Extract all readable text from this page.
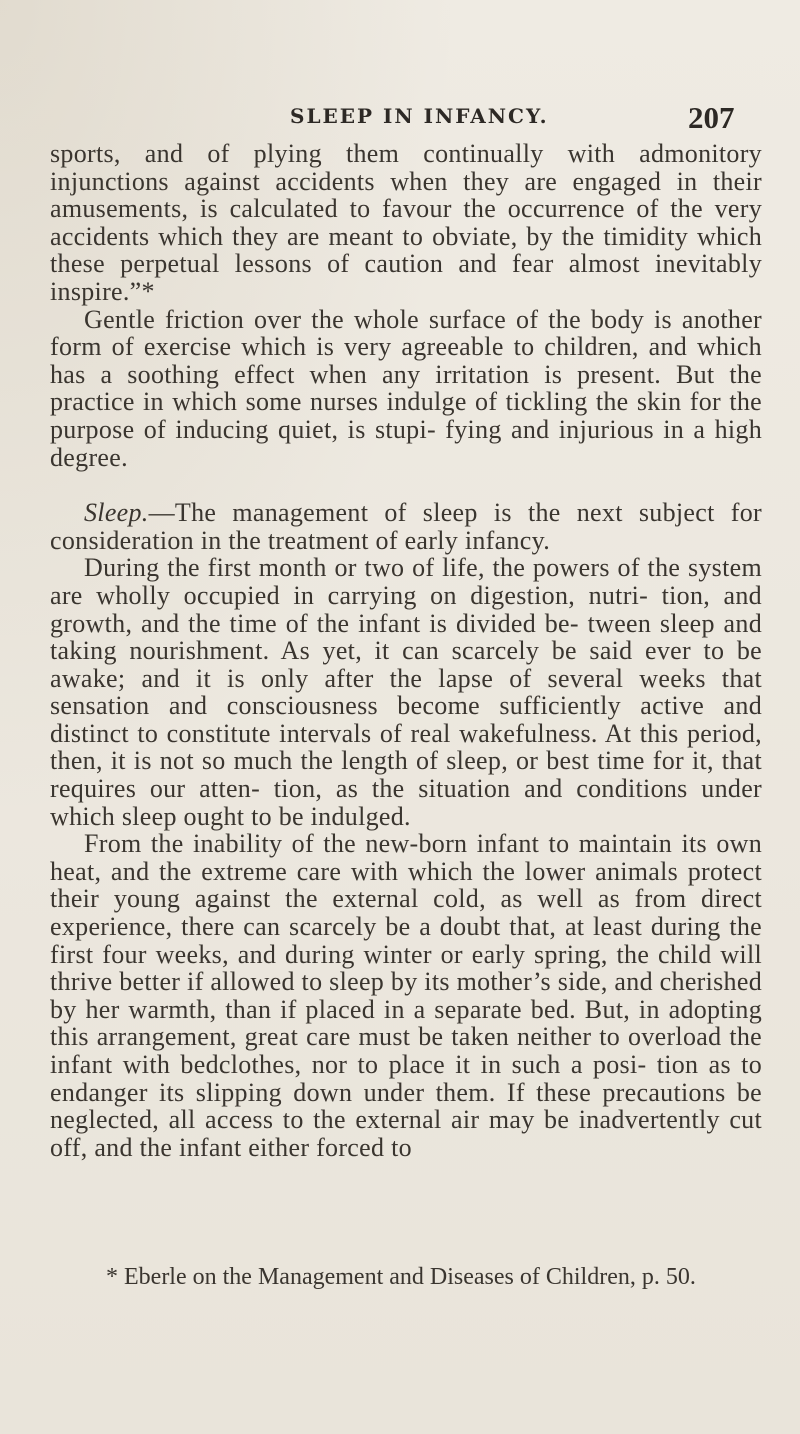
SLEEP IN INFANCY.	207

sports, and of plying them continually with admonitory injunctions against accidents when they are engaged in their amusements, is calculated to favour the occurrence of the very accidents which they are meant to obviate, by the timidity which these perpetual lessons of caution and fear almost inevitably inspire.”*

Gentle friction over the whole surface of the body is another form of exercise which is very agreeable to children, and which has a soothing effect when any irritation is present. But the practice in which some nurses indulge of tickling the skin for the purpose of inducing quiet, is stupi- fying and injurious in a high degree.

Sleep.—The management of sleep is the next subject for consideration in the treatment of early infancy.

During the first month or two of life, the powers of the system are wholly occupied in carrying on digestion, nutri- tion, and growth, and the time of the infant is divided be- tween sleep and taking nourishment. As yet, it can scarcely be said ever to be awake; and it is only after the lapse of several weeks that sensation and consciousness become sufficiently active and distinct to constitute intervals of real wakefulness. At this period, then, it is not so much the length of sleep, or best time for it, that requires our atten- tion, as the situation and conditions under which sleep ought to be indulged.

From the inability of the new-born infant to maintain its own heat, and the extreme care with which the lower animals protect their young against the external cold, as well as from direct experience, there can scarcely be a doubt that, at least during the first four weeks, and during winter or early spring, the child will thrive better if allowed to sleep by its mother’s side, and cherished by her warmth, than if placed in a separate bed. But, in adopting this arrangement, great care must be taken neither to overload the infant with bedclothes, nor to place it in such a posi- tion as to endanger its slipping down under them. If these precautions be neglected, all access to the external air may be inadvertently cut off, and the infant either forced to

* Eberle on the Management and Diseases of Children, p. 50.
